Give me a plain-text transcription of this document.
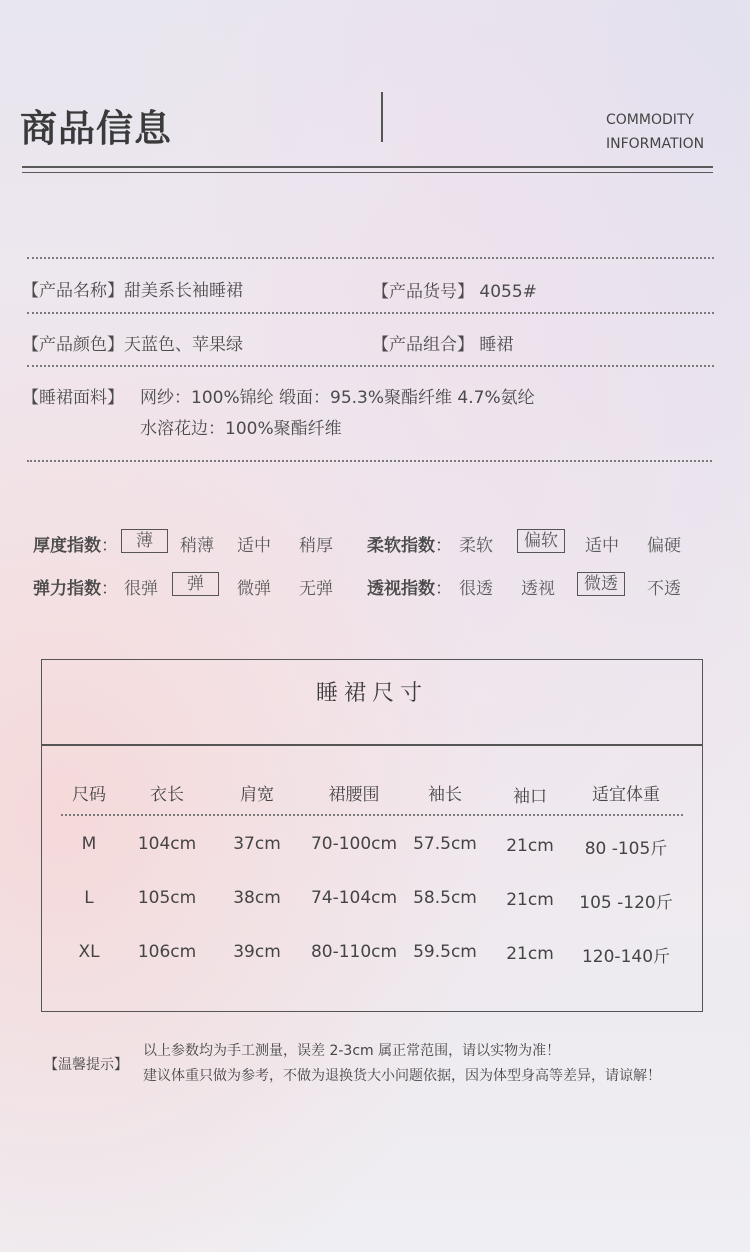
商品信息	COMMODITY
INFORMATION
【产品名称】甜美系长袖睡裙	【产品货号】 4055#
【产品颜色】天蓝色、苹果绿	【产品组合】 睡裙
【睡裙面料】 网纱：100%锦纶 缎面：95.3%聚酯纤维 4.7%氨纶
水溶花边：100%聚酯纤维
厚度指数：	薄	稍薄 适中 稍厚 柔软指数： 柔软	偏软	适中 偏硬
弹力指数： 很弹	弹	微弹 无弹 透视指数： 很透 透视	微透	不透
睡裙尺寸
尺码	衣长	肩宽	裙腰围	袖长	袖口	适宜体重
M	104cm	37cm	70-100cm 57.5cm	21cm	80 -105斤
L	105cm	38cm	74-104cm 58.5cm	21cm	105 -120斤
XL	106cm	39cm	80-110cm 59.5cm	21cm	120-140斤
【温馨提示】
以上参数均为手工测量，误差 2-3cm 属正常范围，请以实物为准！
建议体重只做为参考，不做为退换货大小问题依据，因为体型身高等差异，请谅解！
